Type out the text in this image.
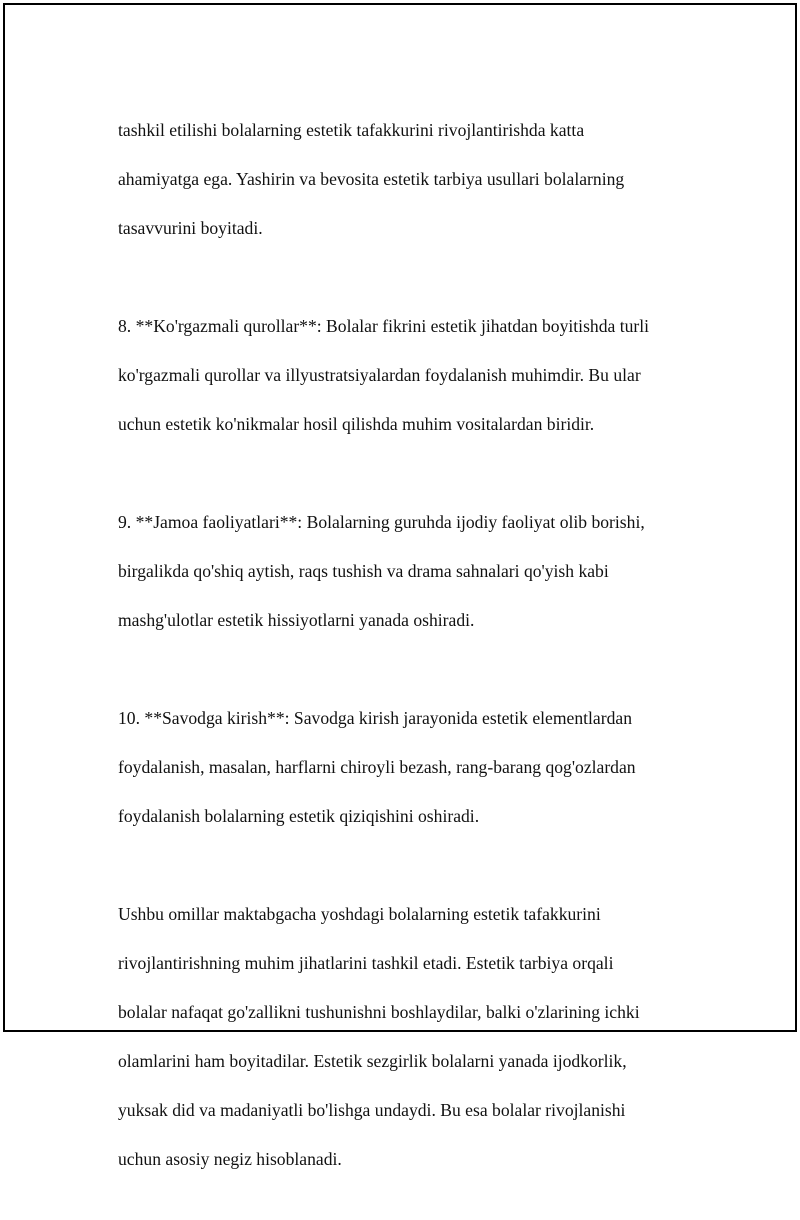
tashkil etilishi bolalarning estetik tafakkurini rivojlantirishda katta

ahamiyatga ega. Yashirin va bevosita estetik tarbiya usullari bolalarning

tasavvurini boyitadi.

8. **Ko'rgazmali qurollar**: Bolalar fikrini estetik jihatdan boyitishda turli

ko'rgazmali qurollar va illyustratsiyalardan foydalanish muhimdir. Bu ular

uchun estetik ko'nikmalar hosil qilishda muhim vositalardan biridir.

9. **Jamoa faoliyatlari**: Bolalarning guruhda ijodiy faoliyat olib borishi,

birgalikda qo'shiq aytish, raqs tushish va drama sahnalari qo'yish kabi

mashg'ulotlar estetik hissiyotlarni yanada oshiradi.

10. **Savodga kirish**: Savodga kirish jarayonida estetik elementlardan

foydalanish, masalan, harflarni chiroyli bezash, rang-barang qog'ozlardan

foydalanish bolalarning estetik qiziqishini oshiradi.

Ushbu omillar maktabgacha yoshdagi bolalarning estetik tafakkurini

rivojlantirishning muhim jihatlarini tashkil etadi. Estetik tarbiya orqali

bolalar nafaqat go'zallikni tushunishni boshlaydilar, balki o'zlarining ichki

olamlarini ham boyitadilar. Estetik sezgirlik bolalarni yanada ijodkorlik,

yuksak did va madaniyatli bo'lishga undaydi. Bu esa bolalar rivojlanishi

uchun asosiy negiz hisoblanadi.
